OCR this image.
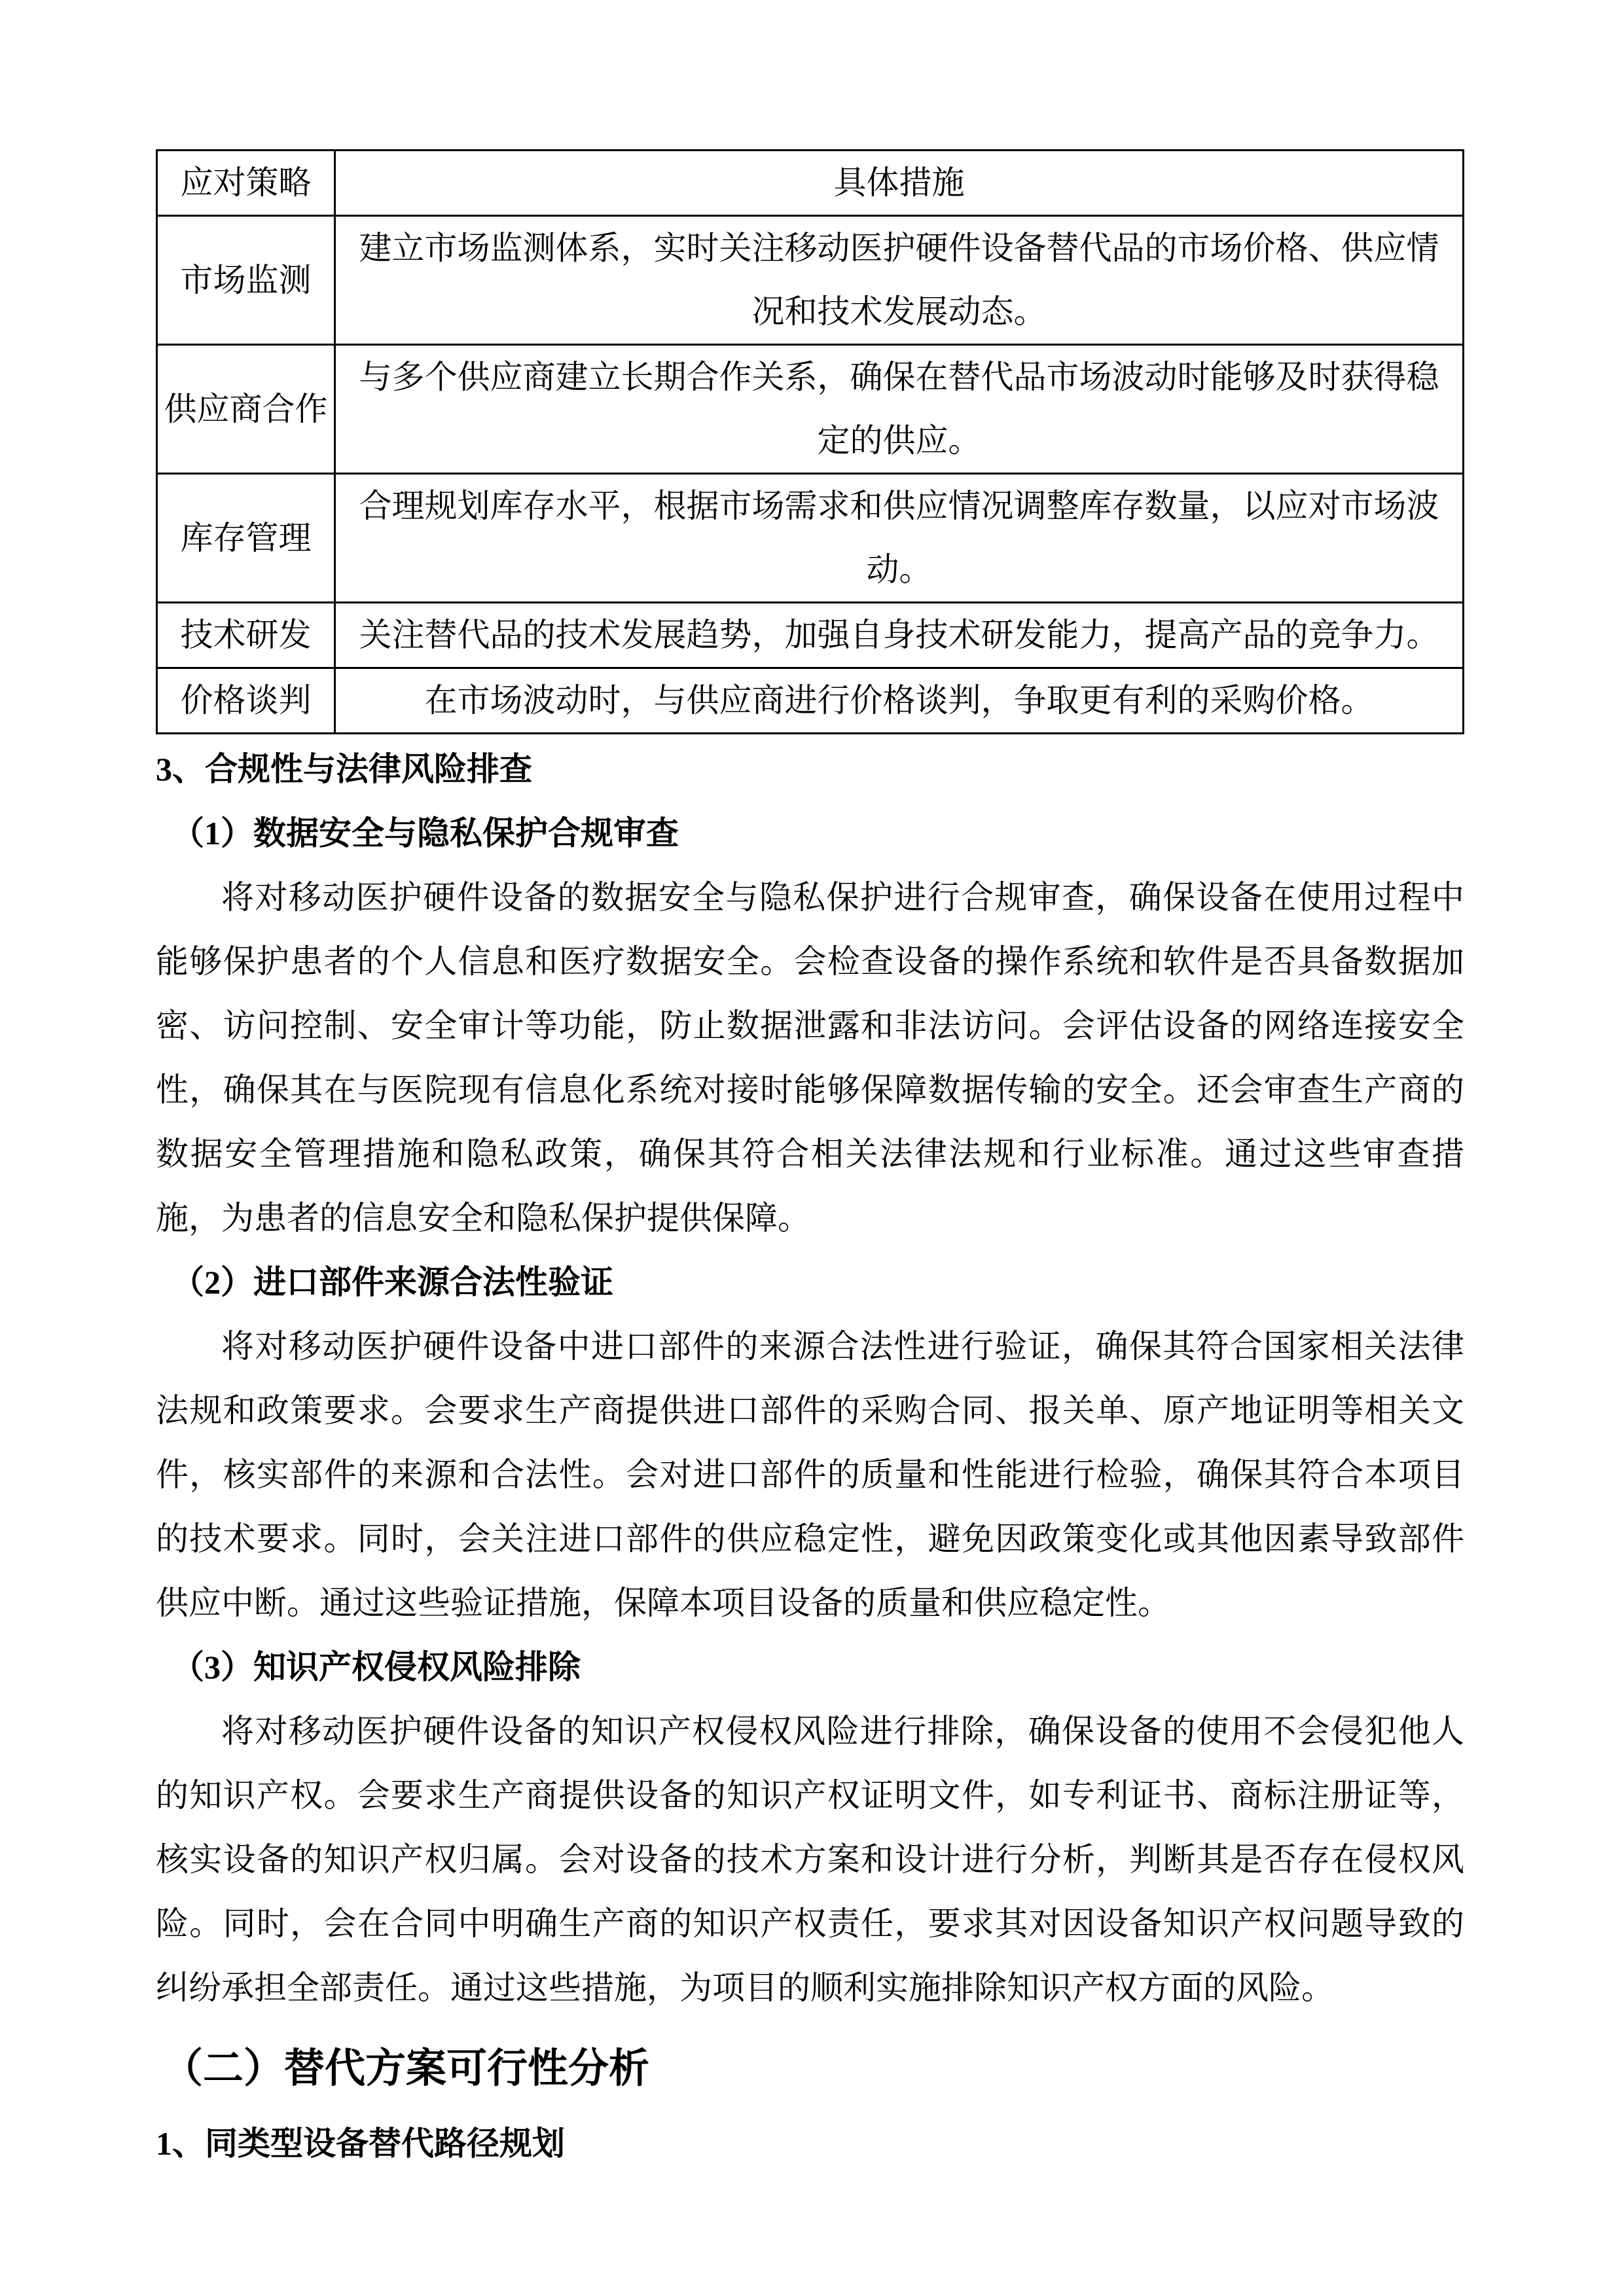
应对策略	具体措施
市场监测	建立市场监测体系，实时关注移动医护硬件设备替代品的市场价格、供应情况和技术发展动态。
供应商合作	与多个供应商建立长期合作关系，确保在替代品市场波动时能够及时获得稳定的供应。
库存管理	合理规划库存水平，根据市场需求和供应情况调整库存数量，以应对市场波动。
技术研发	关注替代品的技术发展趋势，加强自身技术研发能力，提高产品的竞争力。
价格谈判	在市场波动时，与供应商进行价格谈判，争取更有利的采购价格。
3、合规性与法律风险排查
（1）数据安全与隐私保护合规审查
将对移动医护硬件设备的数据安全与隐私保护进行合规审查，确保设备在使用过程中能够保护患者的个人信息和医疗数据安全。会检查设备的操作系统和软件是否具备数据加密、访问控制、安全审计等功能，防止数据泄露和非法访问。会评估设备的网络连接安全性，确保其在与医院现有信息化系统对接时能够保障数据传输的安全。还会审查生产商的数据安全管理措施和隐私政策，确保其符合相关法律法规和行业标准。通过这些审查措施，为患者的信息安全和隐私保护提供保障。
（2）进口部件来源合法性验证
将对移动医护硬件设备中进口部件的来源合法性进行验证，确保其符合国家相关法律法规和政策要求。会要求生产商提供进口部件的采购合同、报关单、原产地证明等相关文件，核实部件的来源和合法性。会对进口部件的质量和性能进行检验，确保其符合本项目的技术要求。同时，会关注进口部件的供应稳定性，避免因政策变化或其他因素导致部件供应中断。通过这些验证措施，保障本项目设备的质量和供应稳定性。
（3）知识产权侵权风险排除
将对移动医护硬件设备的知识产权侵权风险进行排除，确保设备的使用不会侵犯他人的知识产权。会要求生产商提供设备的知识产权证明文件，如专利证书、商标注册证等，核实设备的知识产权归属。会对设备的技术方案和设计进行分析，判断其是否存在侵权风险。同时，会在合同中明确生产商的知识产权责任，要求其对因设备知识产权问题导致的纠纷承担全部责任。通过这些措施，为项目的顺利实施排除知识产权方面的风险。
（二）替代方案可行性分析
1、同类型设备替代路径规划
